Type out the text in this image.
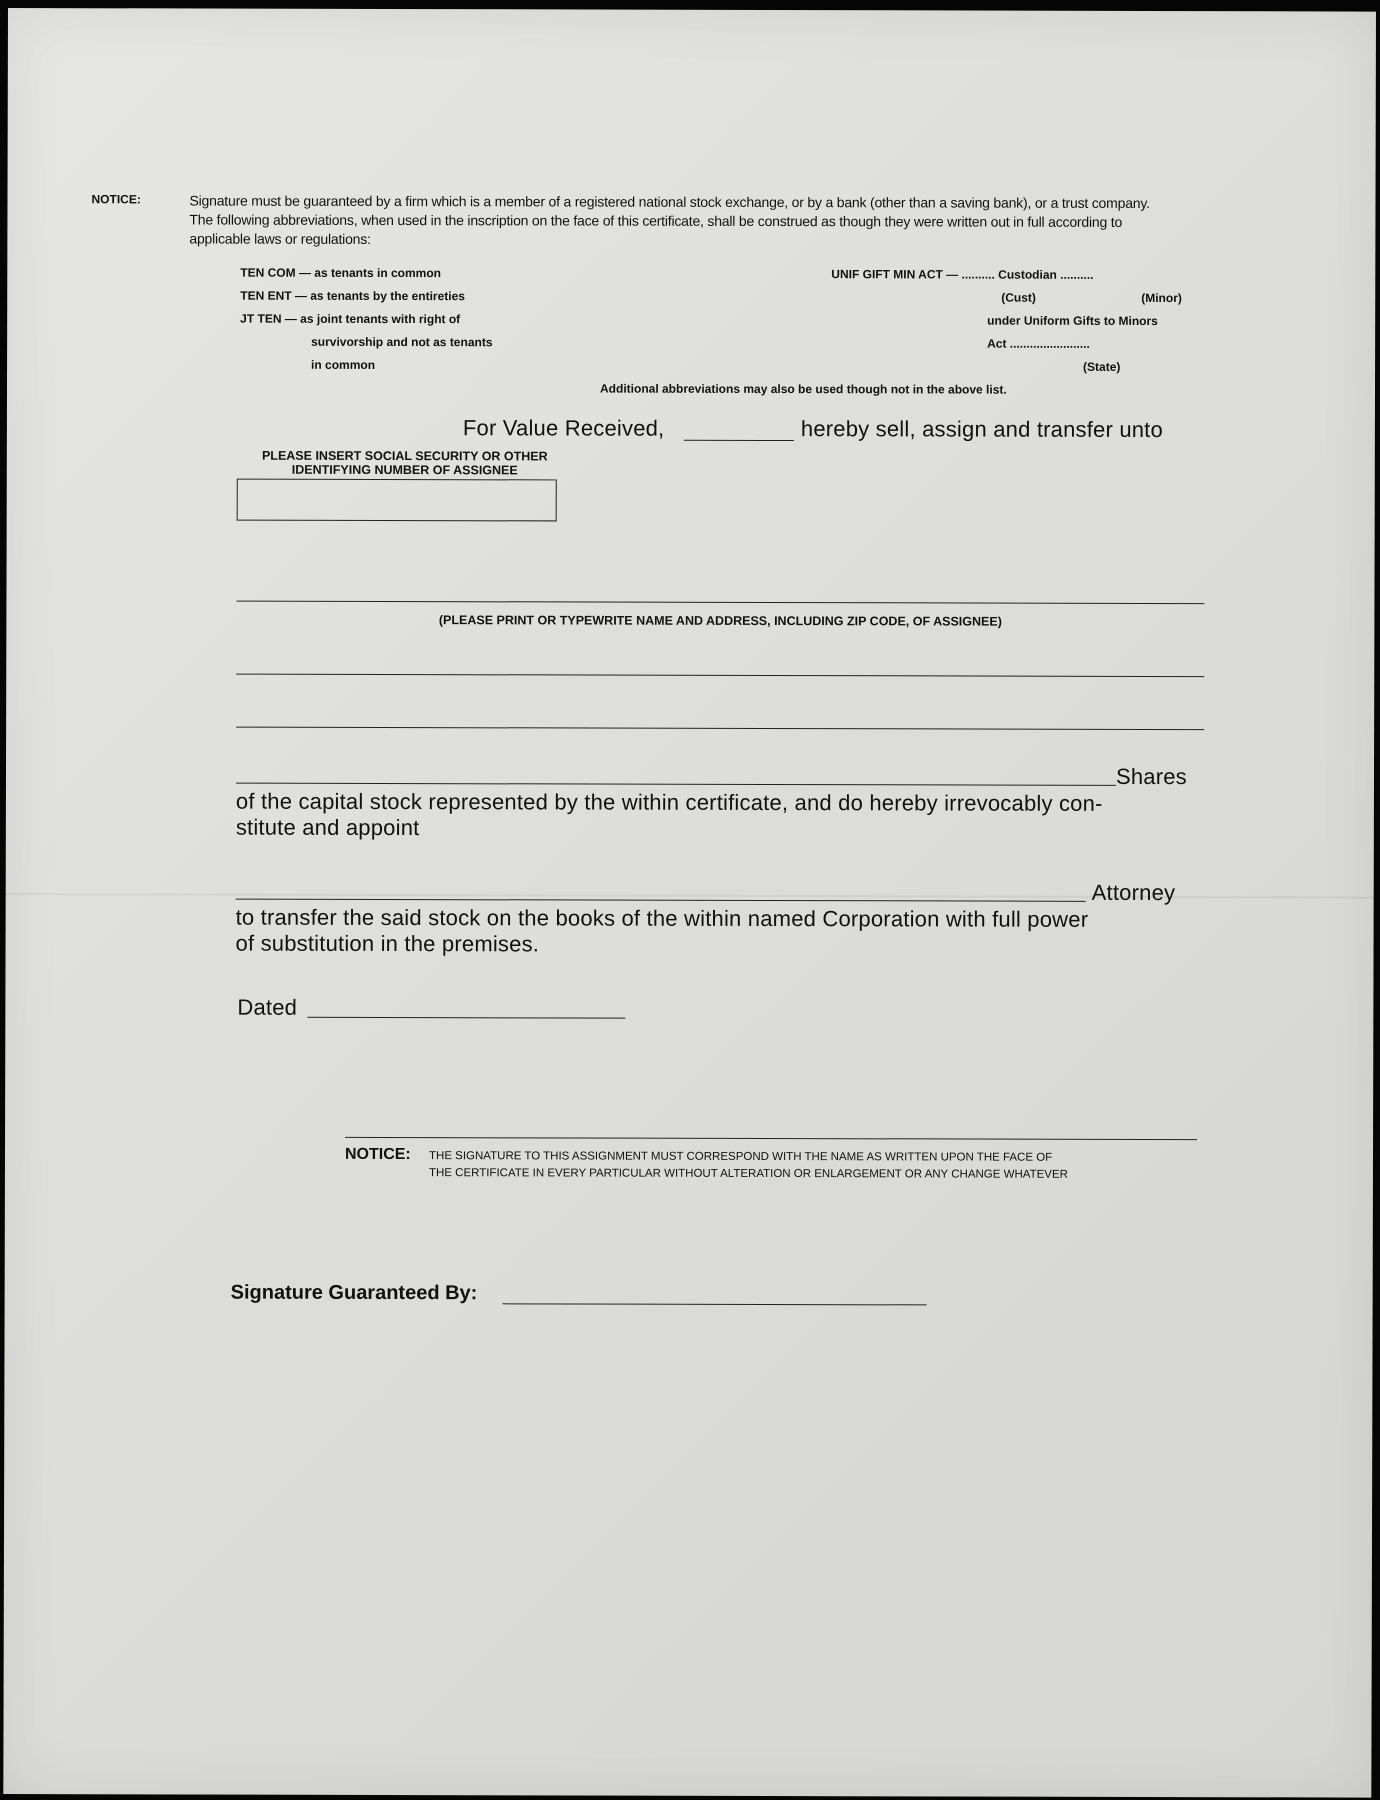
NOTICE:	Signature must be guaranteed by a firm which is a member of a registered national stock exchange, or by a bank (other than a saving bank), or a trust company.
The following abbreviations, when used in the inscription on the face of this certificate, shall be construed as though they were written out in full according to
applicable laws or regulations:
TEN COM — as tenants in common
TEN ENT — as tenants by the entireties
JT TEN — as joint tenants with right of
survivorship and not as tenants
in common
UNIF GIFT MIN ACT — .......... Custodian ..........
(Cust)	(Minor)
under Uniform Gifts to Minors
Act ........................
(State)
Additional abbreviations may also be used though not in the above list.
For Value Received,	hereby sell, assign and transfer unto
PLEASE INSERT SOCIAL SECURITY OR OTHER
IDENTIFYING NUMBER OF ASSIGNEE
(PLEASE PRINT OR TYPEWRITE NAME AND ADDRESS, INCLUDING ZIP CODE, OF ASSIGNEE)
Shares
of the capital stock represented by the within certificate, and do hereby irrevocably con-
stitute and appoint
Attorney
to transfer the said stock on the books of the within named Corporation with full power
of substitution in the premises.
Dated
NOTICE: THE SIGNATURE TO THIS ASSIGNMENT MUST CORRESPOND WITH THE NAME AS WRITTEN UPON THE FACE OF
THE CERTIFICATE IN EVERY PARTICULAR WITHOUT ALTERATION OR ENLARGEMENT OR ANY CHANGE WHATEVER
Signature Guaranteed By:
